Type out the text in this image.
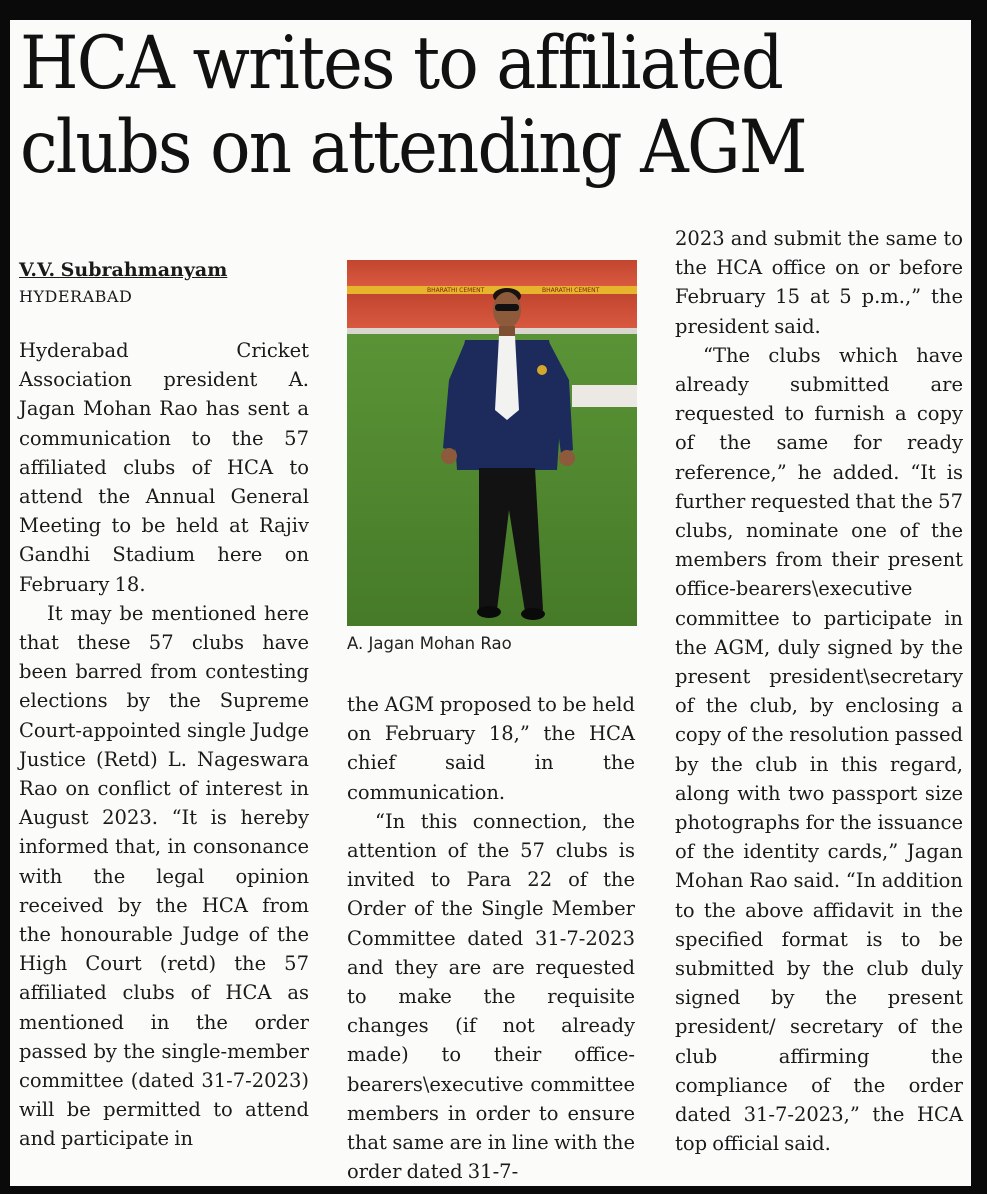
HCA writes to affiliated
clubs on attending AGM

V.V. Subrahmanyam

HYDERABAD

Hyderabad Cricket Association president A. Jagan Mohan Rao has sent a communication to the 57 affiliated clubs of HCA to attend the Annual General Meeting to be held at Rajiv Gandhi Stadium here on February 18.

It may be mentioned here that these 57 clubs have been barred from contesting elections by the Supreme Court-appointed single Judge Justice (Retd) L. Nageswara Rao on conflict of interest in August 2023. “It is hereby informed that, in consonance with the legal opinion received by the HCA from the honourable Judge of the High Court (retd) the 57 affiliated clubs of HCA as mentioned in the order passed by the single-member committee (dated 31-7-2023) will be permitted to attend and participate in

BHARATHI CEMENT	BHARATHI CEMENT
A. Jagan Mohan Rao

the AGM proposed to be held on February 18,” the HCA chief said in the communication.

“In this connection, the attention of the 57 clubs is invited to Para 22 of the Order of the Single Member Committee dated 31-7-2023 and they are are requested to make the requisite changes (if not already made) to their office-bearers\executive committee members in order to ensure that same are in line with the order dated 31-7-

2023 and submit the same to the HCA office on or before February 15 at 5 p.m.,” the president said.

“The clubs which have already submitted are requested to furnish a copy of the same for ready reference,” he added. “It is further requested that the 57 clubs, nominate one of the members from their present office-bearers\executive committee to participate in the AGM, duly signed by the present president\secretary of the club, by enclosing a copy of the resolution passed by the club in this regard, along with two passport size photographs for the issuance of the identity cards,” Jagan Mohan Rao said. “In addition to the above affidavit in the specified format is to be submitted by the club duly signed by the present president/ secretary of the club affirming the compliance of the order dated 31-7-2023,” the HCA top official said.
